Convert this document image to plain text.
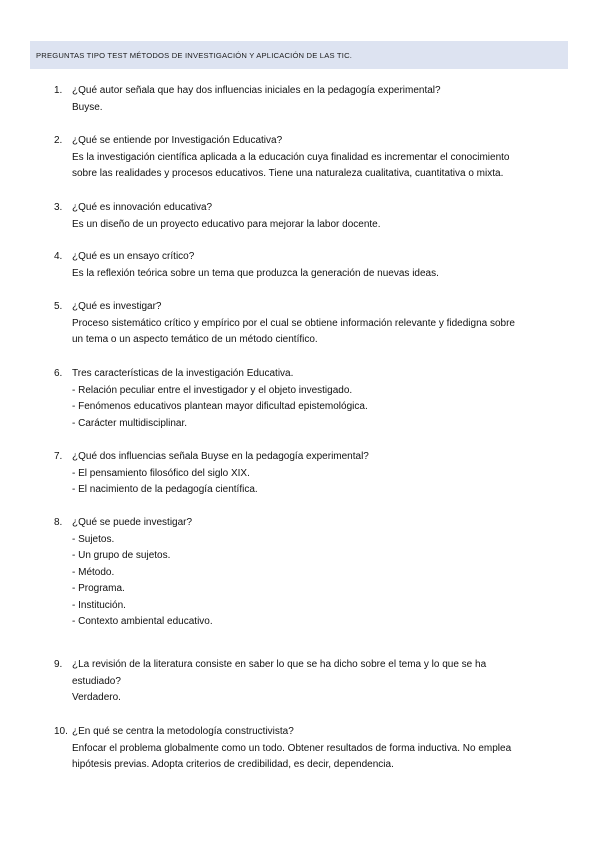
PREGUNTAS TIPO TEST MÉTODOS DE INVESTIGACIÓN Y APLICACIÓN DE LAS TIC.
1. ¿Qué autor señala que hay dos influencias iniciales en la pedagogía experimental?
Buyse.
2. ¿Qué se entiende por Investigación Educativa?
Es la investigación científica aplicada a la educación cuya finalidad es incrementar el conocimiento
sobre las realidades y procesos educativos. Tiene una naturaleza cualitativa, cuantitativa o mixta.
3. ¿Qué es innovación educativa?
Es un diseño de un proyecto educativo para mejorar la labor docente.
4. ¿Qué es un ensayo crítico?
Es la reflexión teórica sobre un tema que produzca la generación de nuevas ideas.
5. ¿Qué es investigar?
Proceso sistemático crítico y empírico por el cual se obtiene información relevante y fidedigna sobre
un tema o un aspecto temático de un método científico.
6. Tres características de la investigación Educativa.
- Relación peculiar entre el investigador y el objeto investigado.
- Fenómenos educativos plantean mayor dificultad epistemológica.
- Carácter multidisciplinar.
7. ¿Qué dos influencias señala Buyse en la pedagogía experimental?
- El pensamiento filosófico del siglo XIX.
- El nacimiento de la pedagogía científica.
8. ¿Qué se puede investigar?
- Sujetos.
- Un grupo de sujetos.
- Método.
- Programa.
- Institución.
- Contexto ambiental educativo.
9. ¿La revisión de la literatura consiste en saber lo que se ha dicho sobre el tema y lo que se ha
estudiado?
Verdadero.
10. ¿En qué se centra la metodología constructivista?
Enfocar el problema globalmente como un todo. Obtener resultados de forma inductiva. No emplea
hipótesis previas. Adopta criterios de credibilidad, es decir, dependencia.
